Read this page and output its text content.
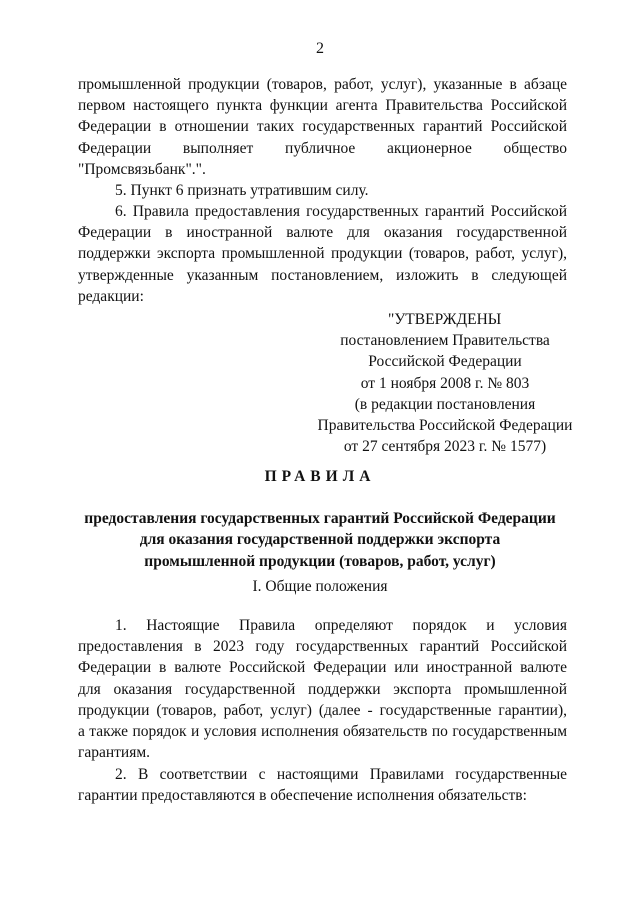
2
промышленной продукции (товаров, работ, услуг), указанные в абзаце
первом настоящего пункта функции агента Правительства Российской
Федерации в отношении таких государственных гарантий Российской
Федерации выполняет публичное акционерное общество
"Промсвязьбанк".".
5. Пункт 6 признать утратившим силу.
6. Правила предоставления государственных гарантий Российской
Федерации в иностранной валюте для оказания государственной
поддержки экспорта промышленной продукции (товаров, работ, услуг),
утвержденные указанным постановлением, изложить в следующей
редакции:
"УТВЕРЖДЕНЫ
постановлением Правительства
Российской Федерации
от 1 ноября 2008 г. № 803
(в редакции постановления
Правительства Российской Федерации
от 27 сентября 2023 г. № 1577)
ПРАВИЛА
предоставления государственных гарантий Российской Федерации
для оказания государственной поддержки экспорта
промышленной продукции (товаров, работ, услуг)
I. Общие положения
1. Настоящие Правила определяют порядок и условия
предоставления в 2023 году государственных гарантий Российской
Федерации в валюте Российской Федерации или иностранной валюте
для оказания государственной поддержки экспорта промышленной
продукции (товаров, работ, услуг) (далее - государственные гарантии),
а также порядок и условия исполнения обязательств по государственным
гарантиям.
2. В соответствии с настоящими Правилами государственные
гарантии предоставляются в обеспечение исполнения обязательств:
